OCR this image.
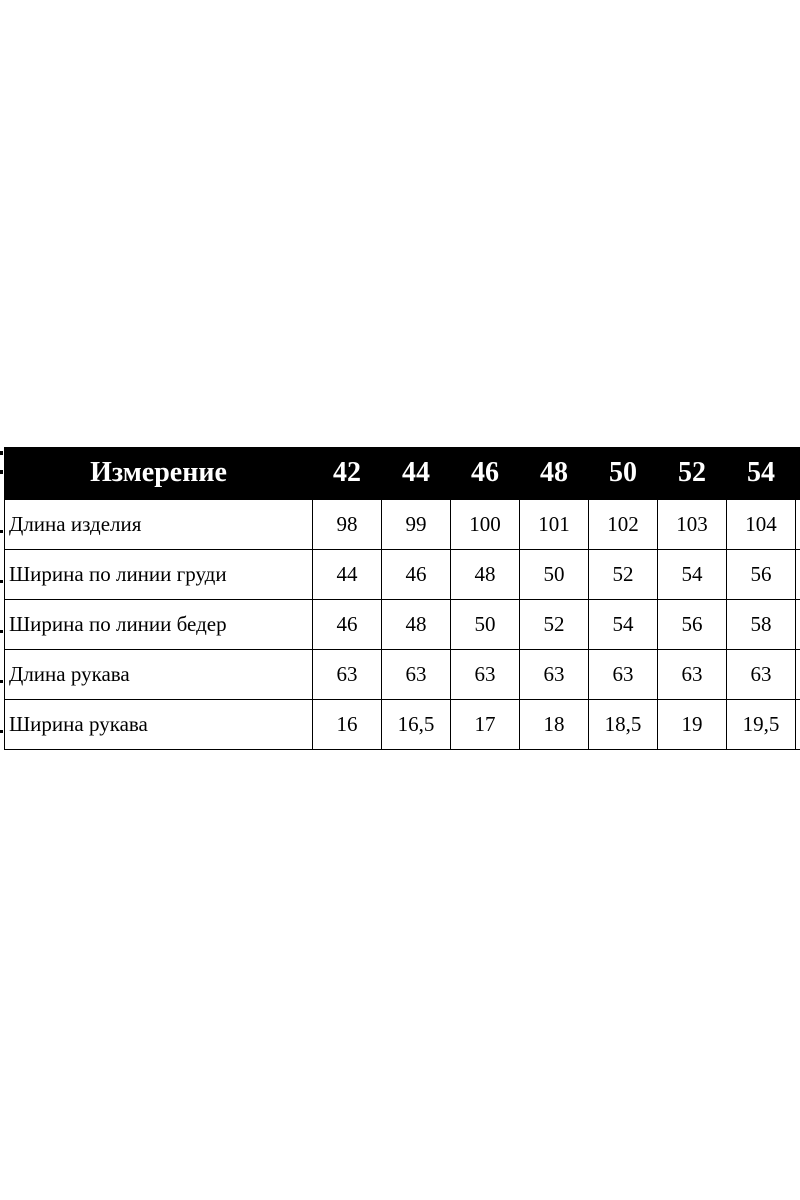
Измерение	42	44	46	48	50	52	54	
Длина изделия	98	99	100	101	102	103	104	
Ширина по линии груди	44	46	48	50	52	54	56	
Ширина по линии бедер	46	48	50	52	54	56	58	
Длина рукава	63	63	63	63	63	63	63	
Ширина рукава	16	16,5	17	18	18,5	19	19,5	
